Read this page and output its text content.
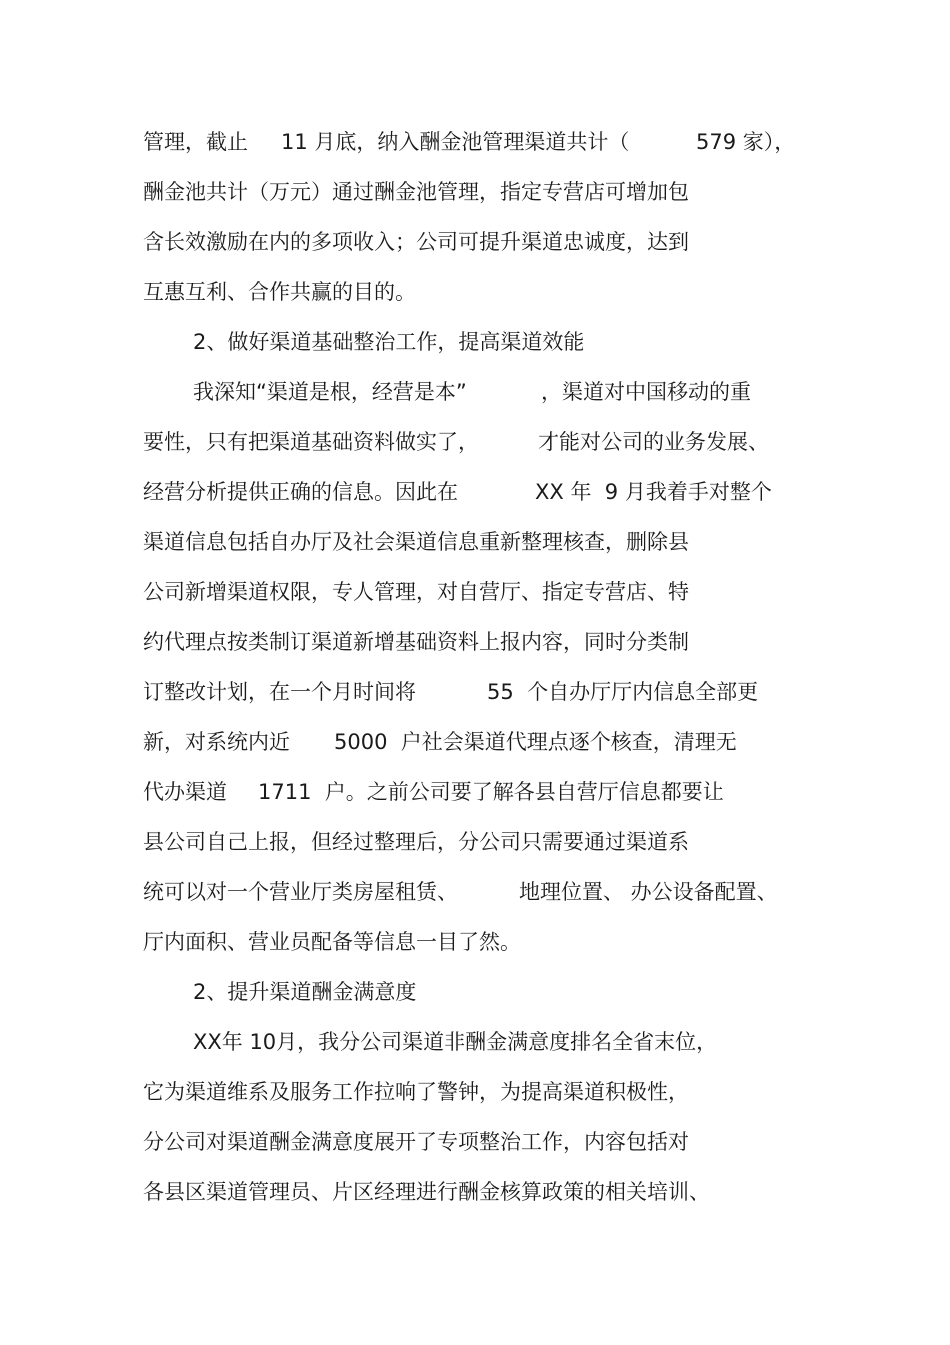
管理，截止

11 月底，纳入酬金池管理渠道共计（

	579 家），

酬金池共计（万元）通过酬金池管理，指定专营店可增加包

含长效激励在内的多项收入；公司可提升渠道忠诚度，达到

互惠互利、合作共赢的目的。

2、做好渠道基础整治工作，提高渠道效能

我深知“渠道是根，经营是本”

	，渠道对中国移动的重

要性，只有把渠道基础资料做实了，

	才能对公司的业务发展、

经营分析提供正确的信息。因此在

	XX 年  9 月我着手对整个

渠道信息包括自办厅及社会渠道信息重新整理核查，删除县

公司新增渠道权限，专人管理，对自营厅、指定专营店、特

约代理点按类制订渠道新增基础资料上报内容，同时分类制

订整改计划，在一个月时间将

	55  个自办厅厅内信息全部更

新，对系统内近

5000  户社会渠道代理点逐个核查，清理无

代办渠道

1711  户。之前公司要了解各县自营厅信息都要让

县公司自己上报，但经过整理后，分公司只需要通过渠道系

统可以对一个营业厅类房屋租赁、

	地理位置、 办公设备配置、

厅内面积、营业员配备等信息一目了然。

2、提升渠道酬金满意度

XX年 10月，我分公司渠道非酬金满意度排名全省末位，

它为渠道维系及服务工作拉响了警钟，为提高渠道积极性，

分公司对渠道酬金满意度展开了专项整治工作，内容包括对

各县区渠道管理员、片区经理进行酬金核算政策的相关培训、
